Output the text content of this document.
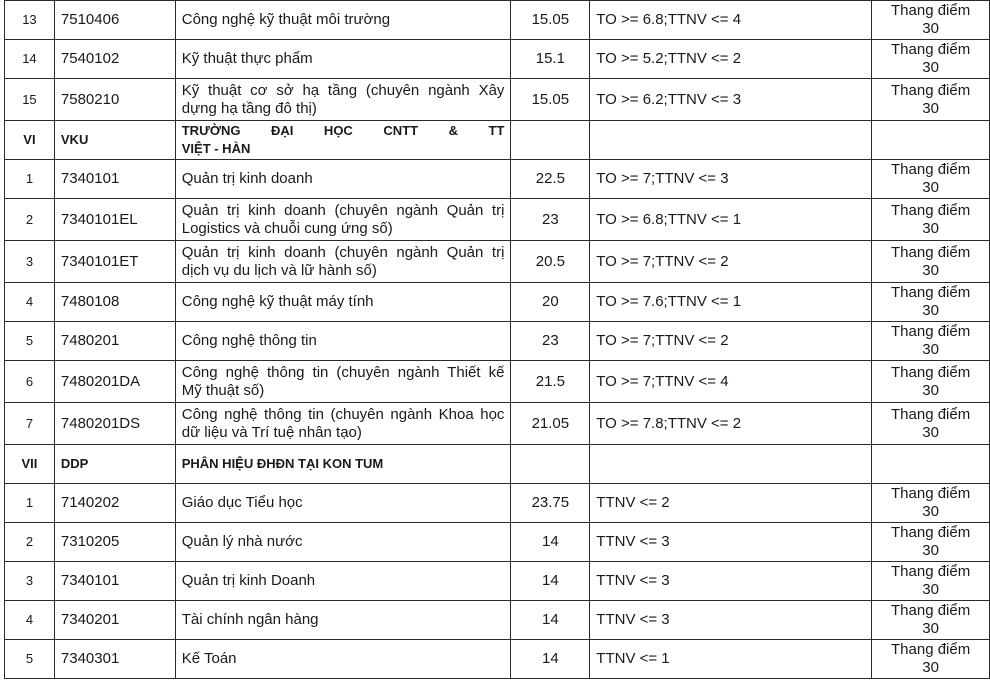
13	7510406	Công nghệ kỹ thuật môi trường	15.05	TO >= 6.8;TTNV <= 4	Thang điểm
30

14	7540102	Kỹ thuật thực phẩm	15.1	TO >= 5.2;TTNV <= 2	Thang điểm
30

15	7580210	Kỹ thuật cơ sở hạ tầng (chuyên ngành Xây
dựng hạ tầng đô thị)	15.05	TO >= 6.2;TTNV <= 3	Thang điểm
30

VI	VKU	TRƯỜNG ĐẠI HỌC CNTT & TT
VIỆT - HÀN			

1	7340101	Quản trị kinh doanh	22.5	TO >= 7;TTNV <= 3	Thang điểm
30

2	7340101EL	Quản trị kinh doanh (chuyên ngành Quản trị
Logistics và chuỗi cung ứng số)	23	TO >= 6.8;TTNV <= 1	Thang điểm
30

3	7340101ET	Quản trị kinh doanh (chuyên ngành Quản trị
dịch vụ du lịch và lữ hành số)	20.5	TO >= 7;TTNV <= 2	Thang điểm
30

4	7480108	Công nghệ kỹ thuật máy tính	20	TO >= 7.6;TTNV <= 1	Thang điểm
30

5	7480201	Công nghệ thông tin	23	TO >= 7;TTNV <= 2	Thang điểm
30

6	7480201DA	Công nghệ thông tin (chuyên ngành Thiết kế
Mỹ thuật số)	21.5	TO >= 7;TTNV <= 4	Thang điểm
30

7	7480201DS	Công nghệ thông tin (chuyên ngành Khoa học
dữ liệu và Trí tuệ nhân tạo)	21.05	TO >= 7.8;TTNV <= 2	Thang điểm
30

VII	DDP	PHÂN HIỆU ĐHĐN TẠI KON TUM			

1	7140202	Giáo dục Tiểu học	23.75	TTNV <= 2	Thang điểm
30

2	7310205	Quản lý nhà nước	14	TTNV <= 3	Thang điểm
30

3	7340101	Quản trị kinh Doanh	14	TTNV <= 3	Thang điểm
30

4	7340201	Tài chính ngân hàng	14	TTNV <= 3	Thang điểm
30

5	7340301	Kế Toán	14	TTNV <= 1	Thang điểm
30
